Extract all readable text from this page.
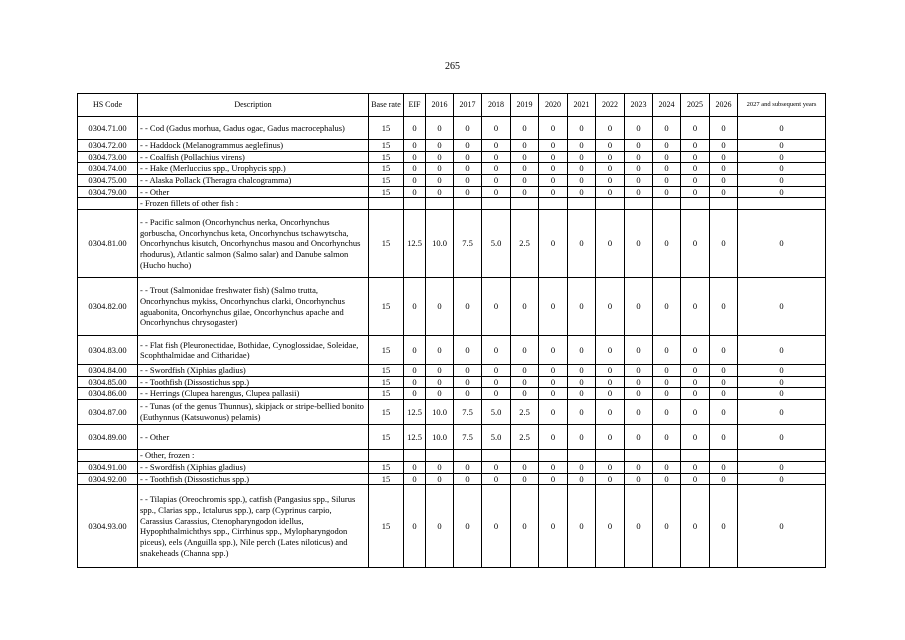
265
HS Code	Description	Base rate	EIF	2016	2017	2018	2019	2020	2021	2022	2023	2024	2025	2026	2027 and subsequent years
0304.71.00	- - Cod (Gadus morhua, Gadus ogac, Gadus macrocephalus)	15	0	0	0	0	0	0	0	0	0	0	0	0	0
0304.72.00	- - Haddock (Melanogrammus aeglefinus)	15	0	0	0	0	0	0	0	0	0	0	0	0	0
0304.73.00	- - Coalfish (Pollachius virens)	15	0	0	0	0	0	0	0	0	0	0	0	0	0
0304.74.00	- - Hake (Merluccius spp., Urophycis spp.)	15	0	0	0	0	0	0	0	0	0	0	0	0	0
0304.75.00	- - Alaska Pollack (Theragra chalcogramma)	15	0	0	0	0	0	0	0	0	0	0	0	0	0
0304.79.00	- - Other	15	0	0	0	0	0	0	0	0	0	0	0	0	0
	- Frozen fillets of other fish :														
0304.81.00	- - Pacific salmon (Oncorhynchus nerka, Oncorhynchus gorbuscha, Oncorhynchus keta, Oncorhynchus tschawytscha, Oncorhynchus kisutch, Oncorhynchus masou and Oncorhynchus rhodurus), Atlantic salmon (Salmo salar) and Danube salmon (Hucho hucho)	15	12.5	10.0	7.5	5.0	2.5	0	0	0	0	0	0	0	0
0304.82.00	- - Trout (Salmonidae freshwater fish) (Salmo trutta, Oncorhynchus mykiss, Oncorhynchus clarki, Oncorhynchus aguabonita, Oncorhynchus gilae, Oncorhynchus apache and Oncorhynchus chrysogaster)	15	0	0	0	0	0	0	0	0	0	0	0	0	0
0304.83.00	- - Flat fish (Pleuronectidae, Bothidae, Cynoglossidae, Soleidae, Scophthalmidae and Citharidae)	15	0	0	0	0	0	0	0	0	0	0	0	0	0
0304.84.00	- - Swordfish (Xiphias gladius)	15	0	0	0	0	0	0	0	0	0	0	0	0	0
0304.85.00	- - Toothfish (Dissostichus spp.)	15	0	0	0	0	0	0	0	0	0	0	0	0	0
0304.86.00	- - Herrings (Clupea harengus, Clupea pallasii)	15	0	0	0	0	0	0	0	0	0	0	0	0	0
0304.87.00	- - Tunas (of the genus Thunnus), skipjack or stripe-bellied bonito (Euthynnus (Katsuwonus) pelamis)	15	12.5	10.0	7.5	5.0	2.5	0	0	0	0	0	0	0	0
0304.89.00	- - Other	15	12.5	10.0	7.5	5.0	2.5	0	0	0	0	0	0	0	0
	- Other, frozen :														
0304.91.00	- - Swordfish (Xiphias gladius)	15	0	0	0	0	0	0	0	0	0	0	0	0	0
0304.92.00	- - Toothfish (Dissostichus spp.)	15	0	0	0	0	0	0	0	0	0	0	0	0	0
0304.93.00	- - Tilapias (Oreochromis spp.), catfish (Pangasius spp., Silurus spp., Clarias spp., Ictalurus spp.), carp (Cyprinus carpio, Carassius Carassius, Ctenopharyngodon idellus, Hypophthalmichthys spp., Cirrhinus spp., Mylopharyngodon piceus), eels (Anguilla spp.), Nile perch (Lates niloticus) and snakeheads (Channa spp.)	15	0	0	0	0	0	0	0	0	0	0	0	0	0
